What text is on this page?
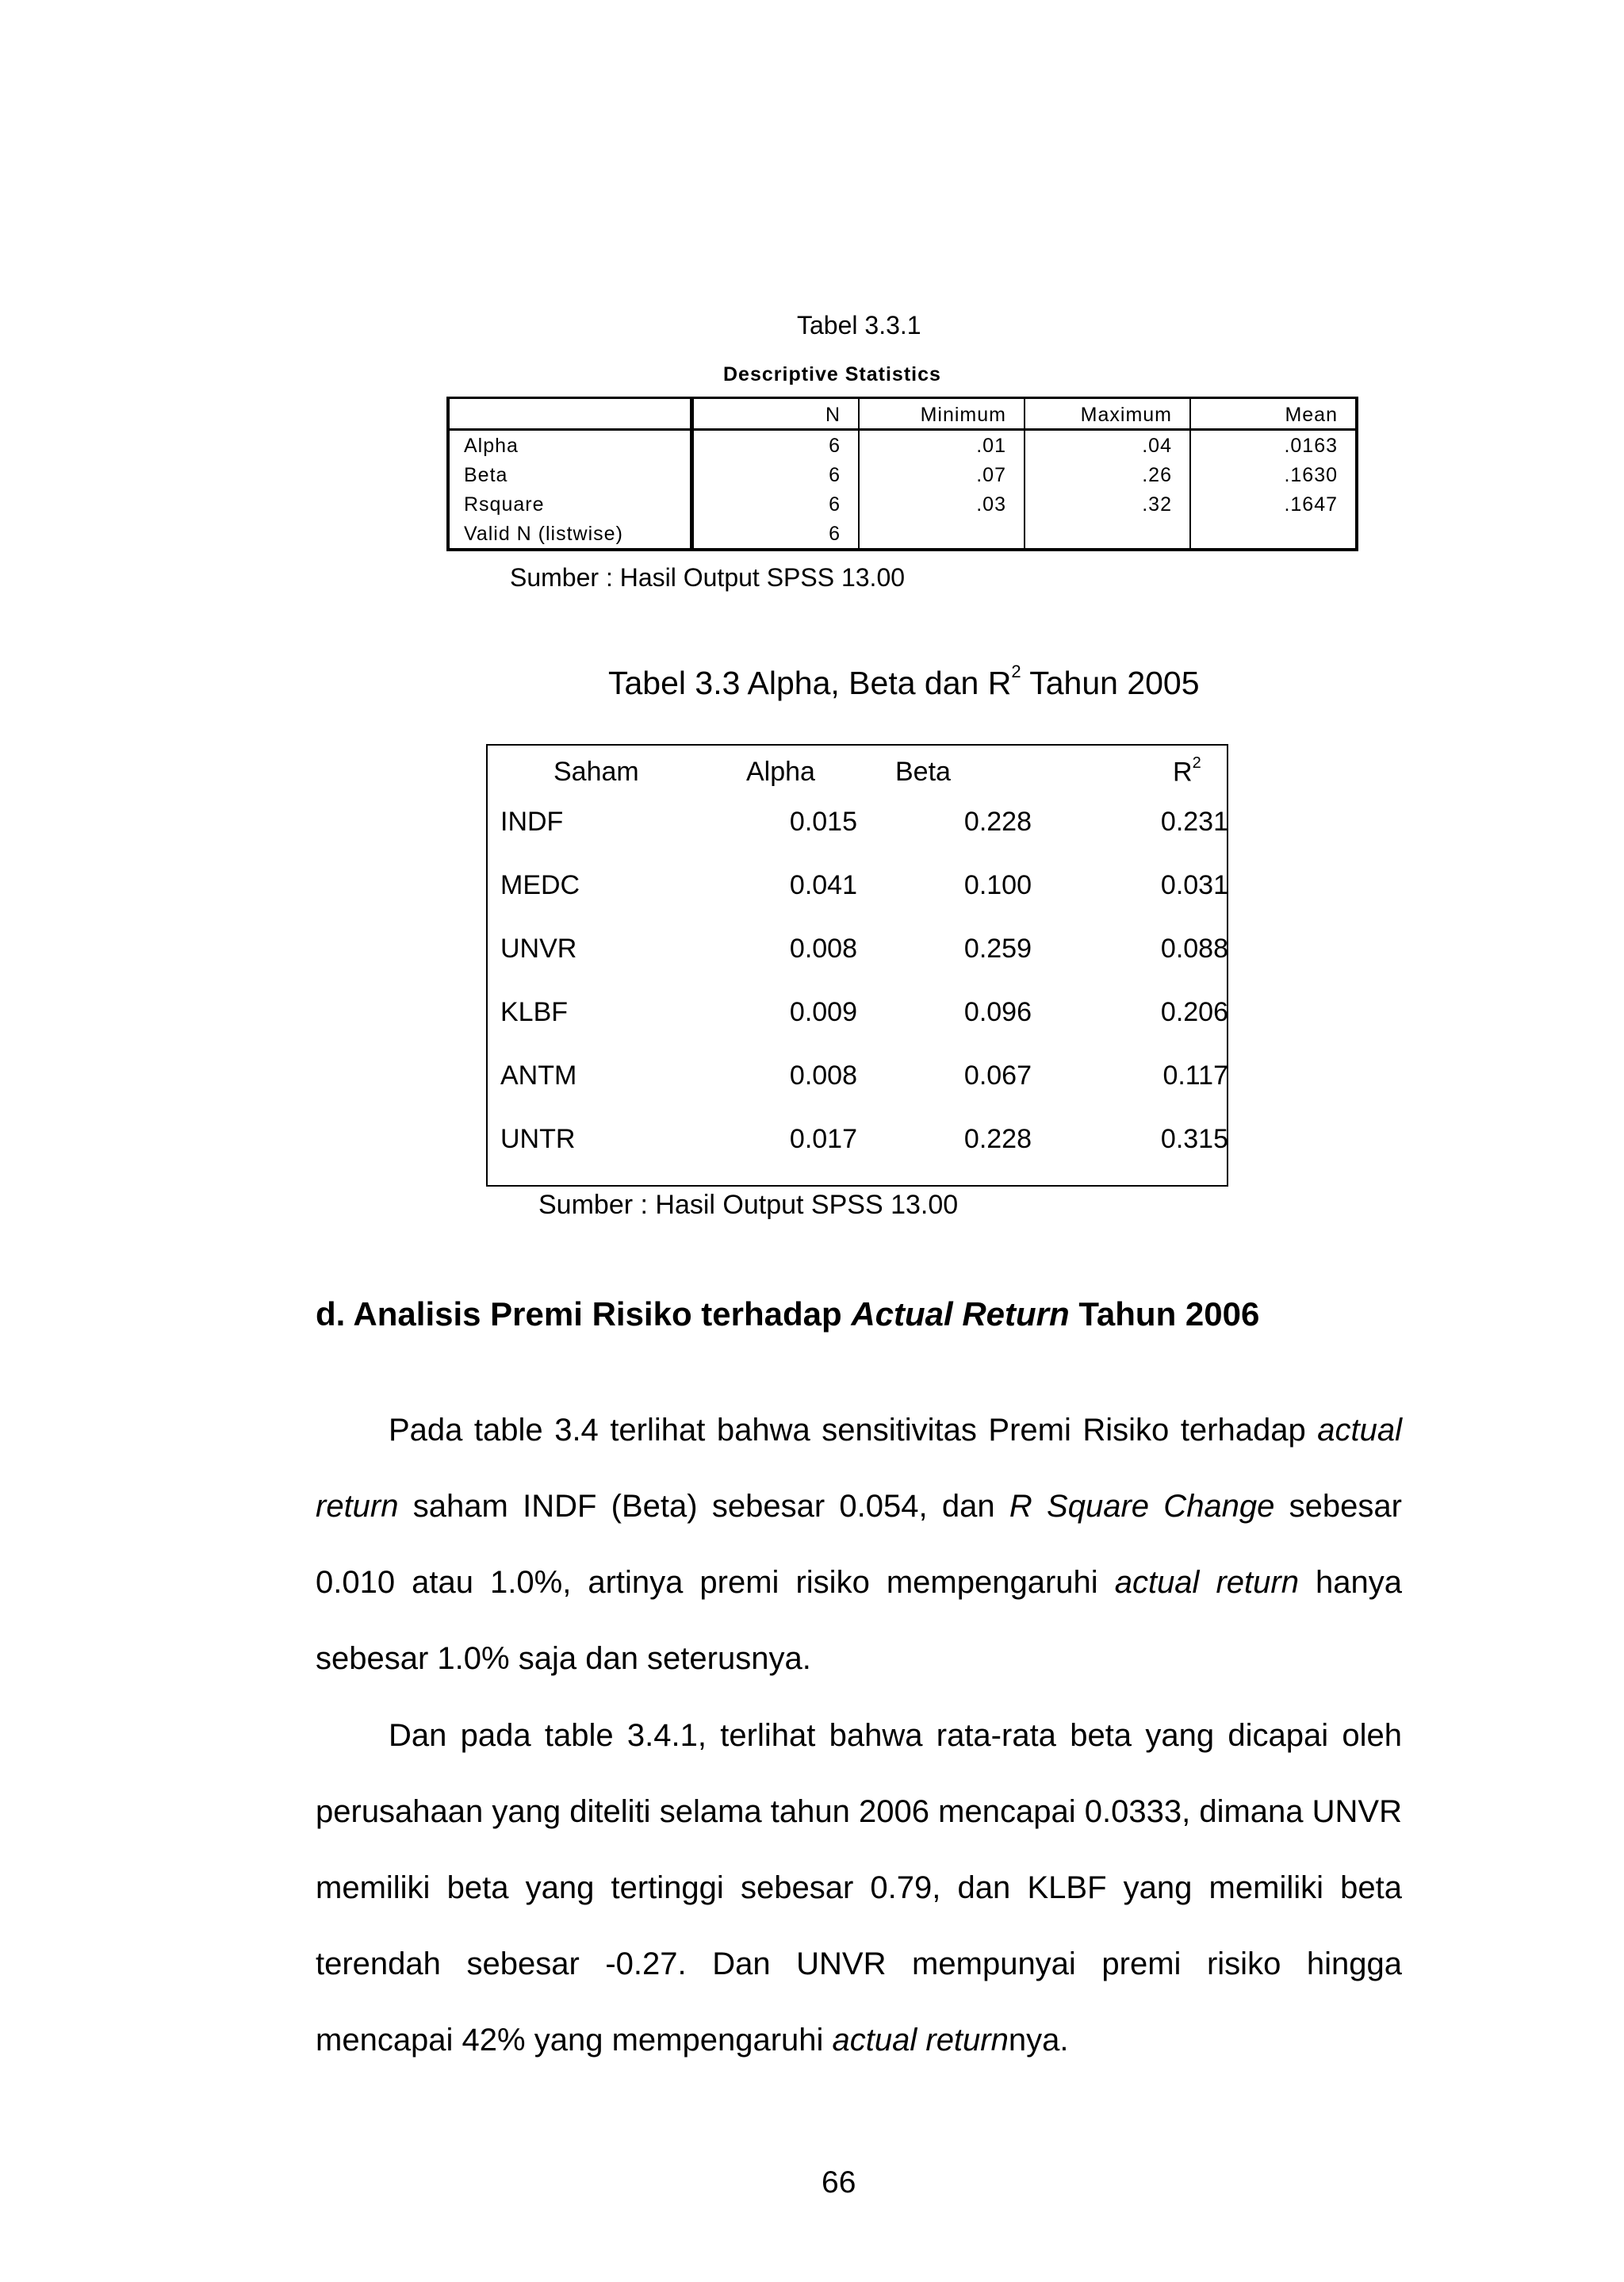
Tabel 3.3.1
Descriptive Statistics
	N	Minimum	Maximum	Mean
Alpha	6	.01	.04	.0163
Beta	6	.07	.26	.1630
Rsquare	6	.03	.32	.1647
Valid N (listwise)	6			
Sumber : Hasil Output SPSS 13.00
Tabel 3.3 Alpha, Beta dan $R^2$ Tahun 2005
Saham	Alpha	Beta	$R^2$
INDF	0.015	0.228	0.231
MEDC	0.041	0.100	0.031
UNVR	0.008	0.259	0.088
KLBF	0.009	0.096	0.206
ANTM	0.008	0.067	0.117
UNTR	0.017	0.228	0.315
Sumber : Hasil Output SPSS 13.00
d. Analisis Premi Risiko terhadap Actual Return Tahun 2006

Pada table 3.4 terlihat bahwa sensitivitas Premi Risiko terhadap actual return saham INDF (Beta) sebesar 0.054, dan R Square Change sebesar 0.010 atau 1.0%, artinya premi risiko mempengaruhi actual return hanya sebesar 1.0% saja dan seterusnya.

Dan pada table 3.4.1, terlihat bahwa rata-rata beta yang dicapai oleh perusahaan yang diteliti selama tahun 2006 mencapai 0.0333, dimana UNVR memiliki beta yang tertinggi sebesar 0.79, dan KLBF yang memiliki beta terendah sebesar -0.27. Dan UNVR mempunyai premi risiko hingga mencapai 42% yang mempengaruhi actual returnnya.

66
